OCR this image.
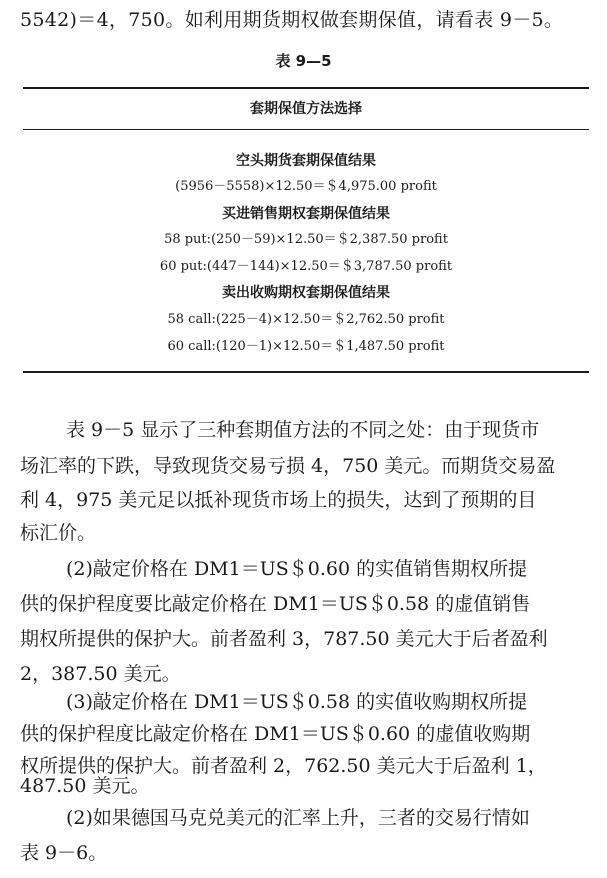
5542)＝4，750。如利用期货期权做套期保值，请看表 9－5。
表 9—5
套期保值方法选择
空头期货套期保值结果
(5956－5558)×12.50＝＄4,975.00 profit
买进销售期权套期保值结果
58 put:(250－59)×12.50＝＄2,387.50 profit
60 put:(447－144)×12.50＝＄3,787.50 profit
卖出收购期权套期保值结果
58 call:(225－4)×12.50＝＄2,762.50 profit
60 call:(120－1)×12.50＝＄1,487.50 profit
表 9－5 显示了三种套期值方法的不同之处：由于现货市
场汇率的下跌，导致现货交易亏损 4，750 美元。而期货交易盈
利 4，975 美元足以抵补现货市场上的损失，达到了预期的目
标汇价。
(2)敲定价格在 DM1＝US＄0.60 的实值销售期权所提
供的保护程度要比敲定价格在 DM1＝US＄0.58 的虚值销售
期权所提供的保护大。前者盈利 3，787.50 美元大于后者盈利
2，387.50 美元。
(3)敲定价格在 DM1＝US＄0.58 的实值收购期权所提
供的保护程度比敲定价格在 DM1＝US＄0.60 的虚值收购期
权所提供的保护大。前者盈利 2，762.50 美元大于后盈利 1，
487.50 美元。
(2)如果德国马克兑美元的汇率上升，三者的交易行情如
表 9－6。
